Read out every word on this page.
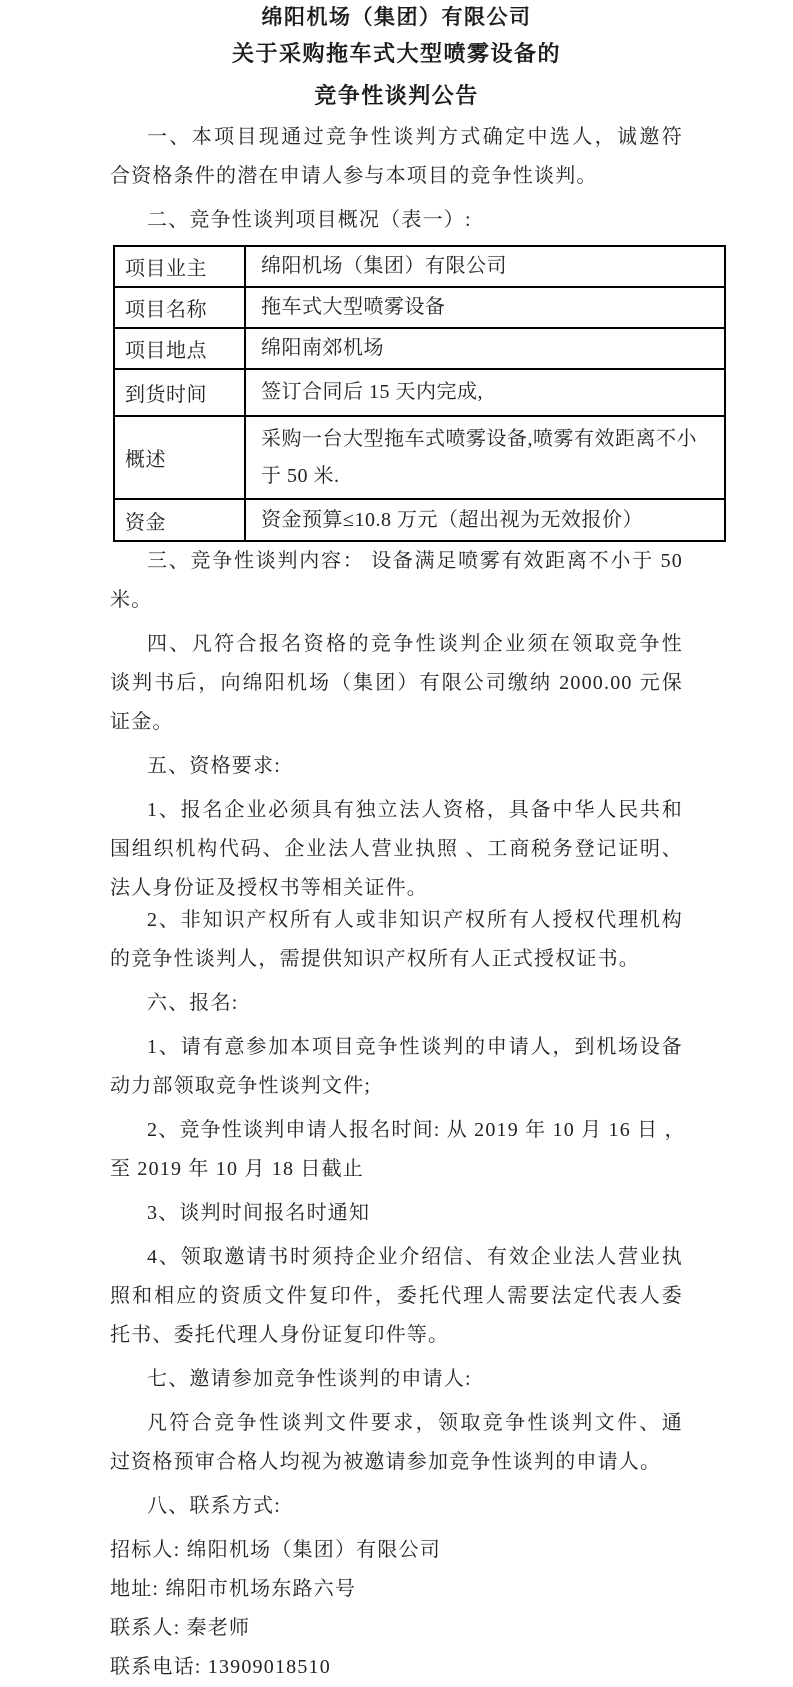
绵阳机场（集团）有限公司
关于采购拖车式大型喷雾设备的
竞争性谈判公告
一、本项目现通过竞争性谈判方式确定中选人，诚邀符
合资格条件的潜在申请人参与本项目的竞争性谈判。
二、竞争性谈判项目概况（表一）:
项目业主	绵阳机场（集团）有限公司
项目名称	拖车式大型喷雾设备
项目地点	绵阳南郊机场
到货时间	签订合同后 15 天内完成,
概述	采购一台大型拖车式喷雾设备,喷雾有效距离不小于 50 米.
资金	资金预算≤10.8 万元（超出视为无效报价）
三、竞争性谈判内容： 设备满足喷雾有效距离不小于 50
米。
四、凡符合报名资格的竞争性谈判企业须在领取竞争性
谈判书后，向绵阳机场（集团）有限公司缴纳 2000.00 元保
证金。
五、资格要求:
1、报名企业必须具有独立法人资格，具备中华人民共和
国组织机构代码、企业法人营业执照 、工商税务登记证明、
法人身份证及授权书等相关证件。
2、非知识产权所有人或非知识产权所有人授权代理机构
的竞争性谈判人，需提供知识产权所有人正式授权证书。
六、报名:
1、请有意参加本项目竞争性谈判的申请人，到机场设备
动力部领取竞争性谈判文件;
2、竞争性谈判申请人报名时间: 从 2019 年 10 月 16 日 ，
至 2019 年 10 月 18 日截止
3、谈判时间报名时通知
4、领取邀请书时须持企业介绍信、有效企业法人营业执
照和相应的资质文件复印件，委托代理人需要法定代表人委
托书、委托代理人身份证复印件等。
七、邀请参加竞争性谈判的申请人:
凡符合竞争性谈判文件要求，领取竞争性谈判文件、通
过资格预审合格人均视为被邀请参加竞争性谈判的申请人。
八、联系方式:
招标人: 绵阳机场（集团）有限公司
地址: 绵阳市机场东路六号
联系人: 秦老师
联系电话: 13909018510
